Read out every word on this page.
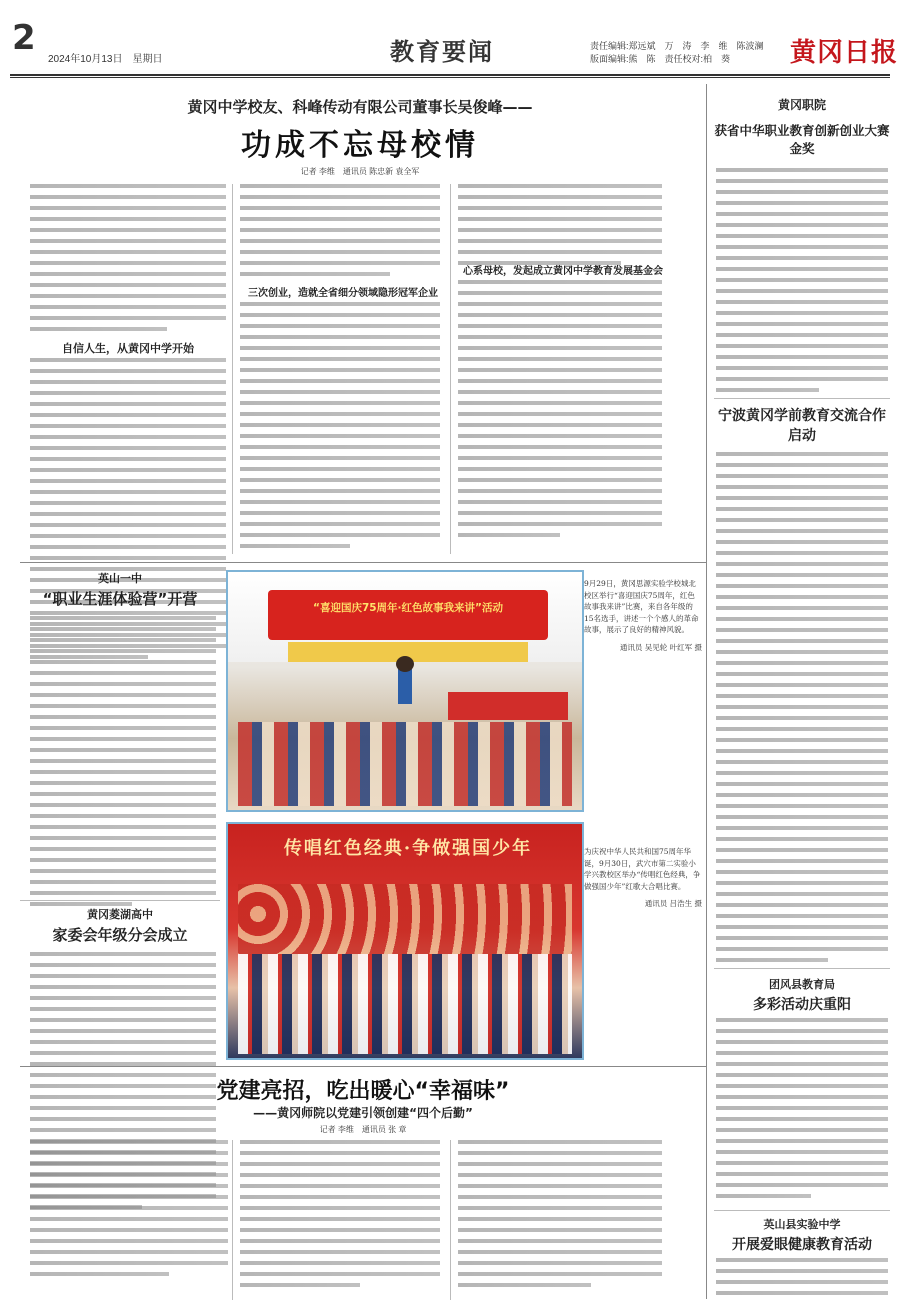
2
2024年10月13日　星期日	教育要闻	责任编辑:郑远斌　万　涛　李　维　陈波澜
版面编辑:熊　陈　责任校对:柏　葵	黄冈日报
黄冈中学校友、科峰传动有限公司董事长吴俊峰——
功成不忘母校情
记者 李维　通讯员 陈忠新 袁全军
自信人生，从黄冈中学开始
三次创业，造就全省细分领域隐形冠军企业
心系母校，发起成立黄冈中学教育发展基金会
黄冈职院
获省中华职业教育创新创业大赛金奖
宁波黄冈学前教育交流合作启动
团风县教育局
多彩活动庆重阳
英山县实验中学
开展爱眼健康教育活动
英山一中
“职业生涯体验营”开营
黄冈菱湖高中
家委会年级分会成立
“喜迎国庆75周年·红色故事我来讲”活动
9月29日，黄冈思源实验学校城北校区举行“喜迎国庆75周年，红色故事我来讲”比赛，来自各年级的15名选手，讲述一个个感人的革命故事，展示了良好的精神风貌。
通讯员 吴见轮 叶红军 摄
传唱红色经典·争做强国少年	为庆祝中华人民共和国75周年华诞，9月30日，武穴市第二实验小学兴教校区举办“传唱红色经典，争做强国少年”红歌大合唱比赛。
通讯员 吕浩生 摄
党建亮招，吃出暖心“幸福味”
——黄冈师院以党建引领创建“四个后勤”
记者 李维　通讯员 张 章
